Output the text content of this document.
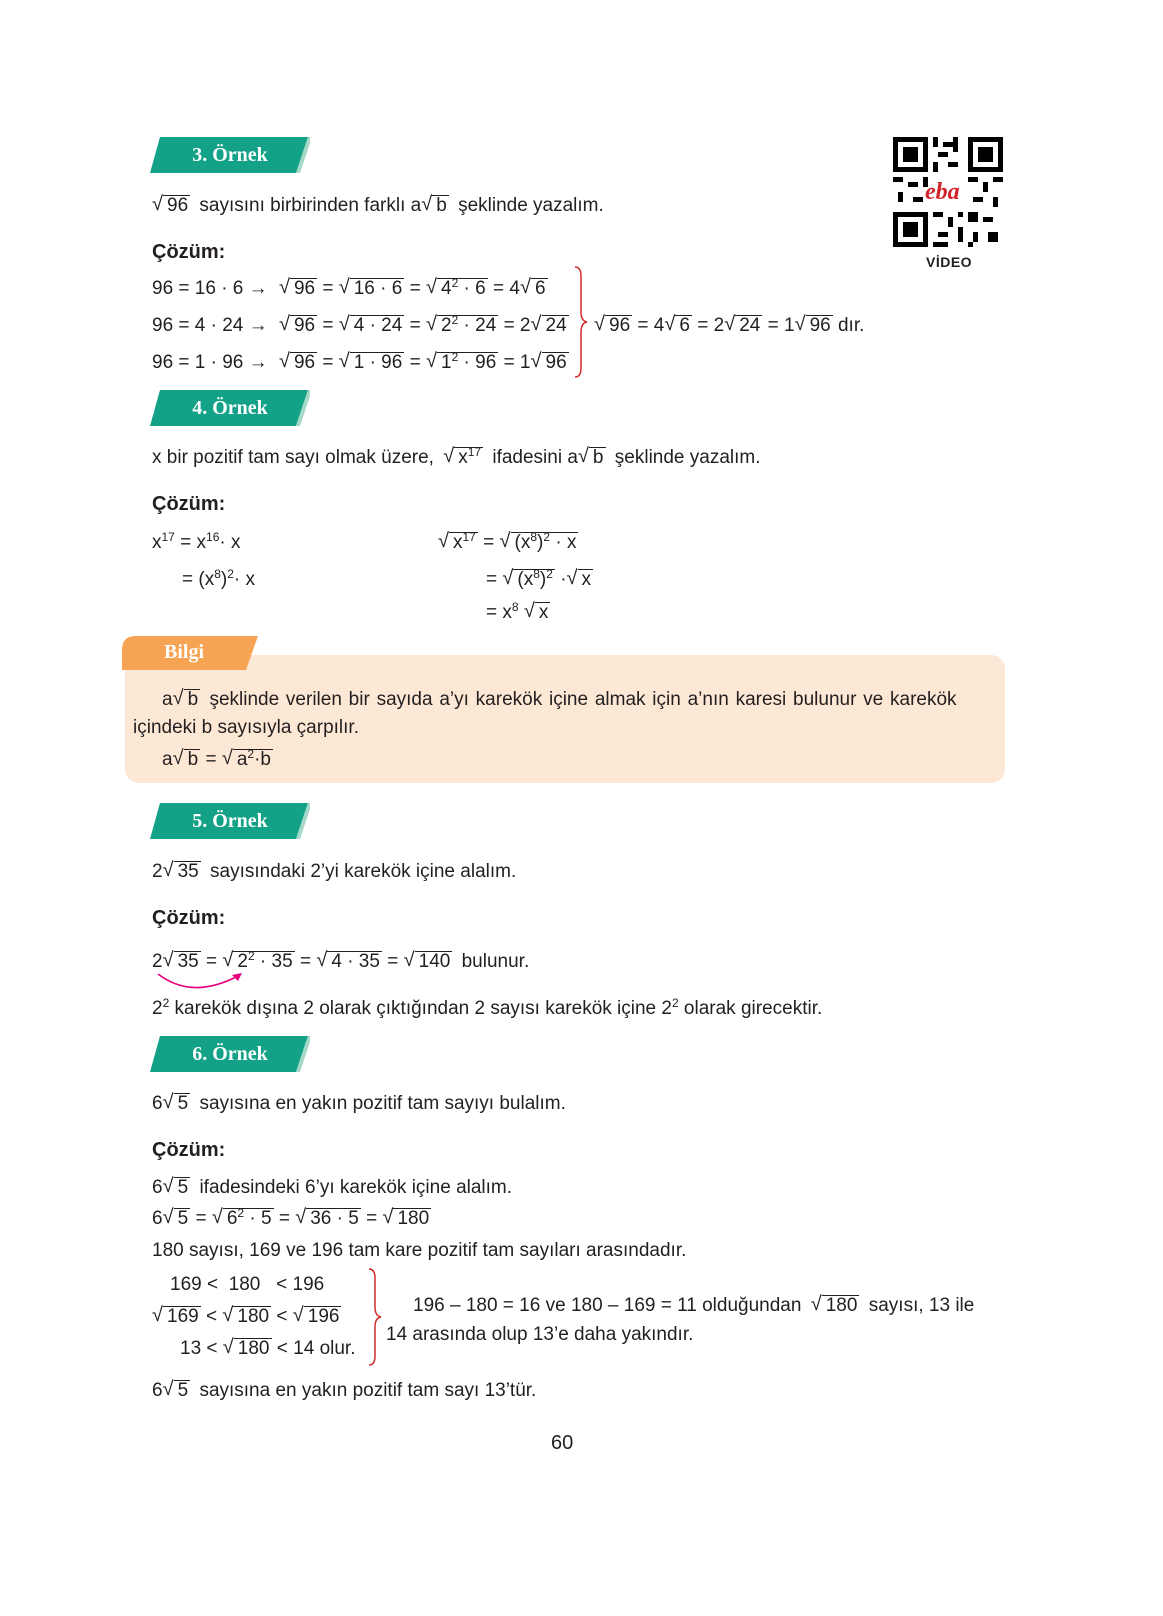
3. Örnek
eba
VİDEO
96 √ sayısını birbirinden farklı a b √ şeklinde yazalım.
Çözüm:
96 = 16 · 6 → 96 √ = 16 · 6 √ = $4^2 \cdot 6$ √ = 4 6 √
96 = 4 · 24 → 96 √ = 4 · 24 √ = $2^2 \cdot 24$ √ = 2 24 √
96 = 1 · 96 → 96 √ = 1 · 96 √ = $1^2 \cdot 96$ √ = 1 96 √
96 √ = 4 6 √ = 2 24 √ = 1 96 √ dır.
4. Örnek
x bir pozitif tam sayı olmak üzere, $x^{17}$ √ ifadesini a b √ şeklinde yazalım.
Çözüm:
$x^{17} = x^{16}\cdot x$
= $(x^8)^2\cdot x$
$x^{17}$ √ = $(x^8)^2 \cdot x$ √
= $(x^8)^2$ √ · x √
= $x^8$ x √
Bilgi
a b √ şeklinde verilen bir sayıda a’yı karekök içine almak için a’nın karesi bulunur ve karekök
içindeki b sayısıyla çarpılır.
a b √ = $a^2\cdot b$ √
5. Örnek
2 35 √ sayısındaki 2’yi karekök içine alalım.
Çözüm:
2 35 √ = $2^2 \cdot 35$ √ = 4 · 35 √ = 140 √ bulunur.
$2^2$ karekök dışına 2 olarak çıktığından 2 sayısı karekök içine $2^2$ olarak girecektir.
6. Örnek
6 5 √ sayısına en yakın pozitif tam sayıyı bulalım.
Çözüm:
6 5 √ ifadesindeki 6’yı karekök içine alalım.
6 5 √ = $6^2 \cdot 5$ √ = 36 · 5 √ = 180 √
180 sayısı, 169 ve 196 tam kare pozitif tam sayıları arasındadır.
169 <  180   < 196
169 √ < 180 √ < 196 √
13 < 180 √ < 14 olur.
196 – 180 = 16 ve 180 – 169 = 11 olduğundan 180 √ sayısı, 13 ile
14 arasında olup 13’e daha yakındır.
6 5 √ sayısına en yakın pozitif tam sayı 13’tür.
60
